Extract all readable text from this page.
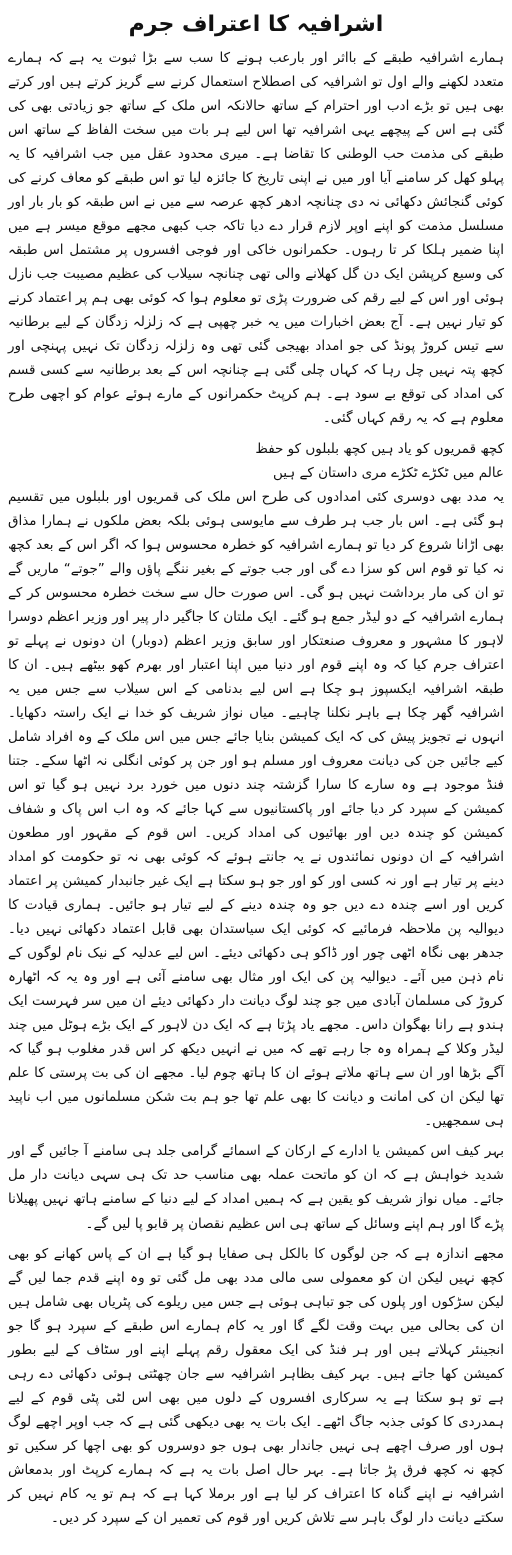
اشرافیہ کا اعتراف جرم

ہمارے اشرافیہ طبقے کے بااثر اور بارعب ہونے کا سب سے بڑا ثبوت یہ ہے کہ ہمارے متعدد لکھنے والے اول تو اشرافیہ کی اصطلاح استعمال کرنے سے گریز کرتے ہیں اور کرتے بھی ہیں تو بڑے ادب اور احترام کے ساتھ حالانکہ اس ملک کے ساتھ جو زیادتی بھی کی گئی ہے اس کے پیچھے یہی اشرافیہ تھا اس لیے ہر بات میں سخت الفاظ کے ساتھ اس طبقے کی مذمت حب الوطنی کا تقاضا ہے۔ میری محدود عقل میں جب اشرافیہ کا یہ پہلو کھل کر سامنے آیا اور میں نے اپنی تاریخ کا جائزہ لیا تو اس طبقے کو معاف کرنے کی کوئی گنجائش دکھائی نہ دی چنانچہ ادھر کچھ عرصہ سے میں نے اس طبقہ کو بار بار اور مسلسل مذمت کو اپنے اوپر لازم قرار دے دیا تاکہ جب کبھی مجھے موقع میسر ہے میں اپنا ضمیر ہلکا کر تا رہوں۔ حکمرانوں خاکی اور فوجی افسروں پر مشتمل اس طبقہ کی وسیع کرپشن ایک دن گل کھلانے والی تھی چنانچہ سیلاب کی عظیم مصیبت جب نازل ہوئی اور اس کے لیے رقم کی ضرورت پڑی تو معلوم ہوا کہ کوئی بھی ہم پر اعتماد کرنے کو تیار نہیں ہے۔ آج بعض اخبارات میں یہ خبر چھپی ہے کہ زلزلہ زدگان کے لیے برطانیہ سے تیس کروڑ پونڈ کی جو امداد بھیجی گئی تھی وہ زلزلہ زدگان تک نہیں پہنچی اور کچھ پتہ نہیں چل رہا کہ کہاں چلی گئی ہے چنانچہ اس کے بعد برطانیہ سے کسی قسم کی امداد کی توقع بے سود ہے۔ ہم کرپٹ حکمرانوں کے مارے ہوئے عوام کو اچھی طرح معلوم ہے کہ یہ رقم کہاں گئی۔

کچھ قمریوں کو یاد ہیں کچھ بلبلوں کو حفظ
عالم میں ٹکڑے ٹکڑے مری داستان کے ہیں

یہ مدد بھی دوسری کئی امدادوں کی طرح اس ملک کی قمریوں اور بلبلوں میں تقسیم ہو گئی ہے۔ اس بار جب ہر طرف سے مایوسی ہوئی بلکہ بعض ملکوں نے ہمارا مذاق بھی اڑانا شروع کر دیا تو ہمارے اشرافیہ کو خطرہ محسوس ہوا کہ اگر اس کے بعد کچھ نہ کیا تو قوم اس کو سزا دے گی اور جب جوتے کے بغیر ننگے پاؤں والے ”جوتے“ ماریں گے تو ان کی مار برداشت نہیں ہو گی۔ اس صورت حال سے سخت خطرہ محسوس کر کے ہمارے اشرافیہ کے دو لیڈر جمع ہو گئے۔ ایک ملتان کا جاگیر دار پیر اور وزیر اعظم دوسرا لاہور کا مشہور و معروف صنعتکار اور سابق وزیر اعظم (دوبار) ان دونوں نے پہلے تو اعتراف جرم کیا کہ وہ اپنے قوم اور دنیا میں اپنا اعتبار اور بھرم کھو بیٹھے ہیں۔ ان کا طبقہ اشرافیہ ایکسپوز ہو چکا ہے اس لیے بدنامی کے اس سیلاب سے جس میں یہ اشرافیہ گھر چکا ہے باہر نکلنا چاہیے۔ میاں نواز شریف کو خدا نے ایک راستہ دکھایا۔ انہوں نے تجویز پیش کی کہ ایک کمیشن بنایا جائے جس میں اس ملک کے وہ افراد شامل کیے جائیں جن کی دیانت معروف اور مسلم ہو اور جن پر کوئی انگلی نہ اٹھا سکے۔ جتنا فنڈ موجود ہے وہ سارے کا سارا گزشتہ چند دنوں میں خورد برد نہیں ہو گیا تو اس کمیشن کے سپرد کر دیا جائے اور پاکستانیوں سے کہا جائے کہ وہ اب اس پاک و شفاف کمیشن کو چندہ دیں اور بھائیوں کی امداد کریں۔ اس قوم کے مقہور اور مطعون اشرافیہ کے ان دونوں نمائندوں نے یہ جانتے ہوئے کہ کوئی بھی نہ تو حکومت کو امداد دینے پر تیار ہے اور نہ کسی اور کو اور جو ہو سکتا ہے ایک غیر جانبدار کمیشن پر اعتماد کریں اور اسے چندہ دے دیں جو وہ چندہ دینے کے لیے تیار ہو جائیں۔ ہماری قیادت کا دیوالیہ پن ملاحظہ فرمائیے کہ کوئی ایک سیاستدان بھی قابل اعتماد دکھائی نہیں دیا۔ جدھر بھی نگاہ اٹھی چور اور ڈاکو ہی دکھائی دیئے۔ اس لیے عدلیہ کے نیک نام لوگوں کے نام ذہن میں آئے۔ دیوالیہ پن کی ایک اور مثال بھی سامنے آئی ہے اور وہ یہ کہ اٹھارہ کروڑ کی مسلمان آبادی میں جو چند لوگ دیانت دار دکھائی دیئے ان میں سر فہرست ایک ہندو ہے رانا بھگوان داس۔ مجھے یاد پڑتا ہے کہ ایک دن لاہور کے ایک بڑے ہوٹل میں چند لیڈر وکلا کے ہمراہ وہ جا رہے تھے کہ میں نے انہیں دیکھ کر اس قدر مغلوب ہو گیا کہ آگے بڑھا اور ان سے ہاتھ ملاتے ہوئے ان کا ہاتھ چوم لیا۔ مجھے ان کی بت پرستی کا علم تھا لیکن ان کی امانت و دیانت کا بھی علم تھا جو ہم بت شکن مسلمانوں میں اب ناپید ہی سمجھیں۔

بہر کیف اس کمیشن یا ادارے کے ارکان کے اسمائے گرامی جلد ہی سامنے آ جائیں گے اور شدید خواہش ہے کہ ان کو ماتحت عملہ بھی مناسب حد تک ہی سہی دیانت دار مل جائے۔ میاں نواز شریف کو یقین ہے کہ ہمیں امداد کے لیے دنیا کے سامنے ہاتھ نہیں پھیلانا پڑے گا اور ہم اپنے وسائل کے ساتھ ہی اس عظیم نقصان پر قابو پا لیں گے۔

مجھے اندازہ ہے کہ جن لوگوں کا بالکل ہی صفایا ہو گیا ہے ان کے پاس کھانے کو بھی کچھ نہیں لیکن ان کو معمولی سی مالی مدد بھی مل گئی تو وہ اپنے قدم جما لیں گے لیکن سڑکوں اور پلوں کی جو تباہی ہوئی ہے جس میں ریلوے کی پٹریاں بھی شامل ہیں ان کی بحالی میں بہت وقت لگے گا اور یہ کام ہمارے اس طبقے کے سپرد ہو گا جو انجینئر کہلاتے ہیں اور ہر فنڈ کی ایک معقول رقم پہلے اپنے اور سٹاف کے لیے بطور کمیشن کھا جاتے ہیں۔ بہر کیف بظاہر اشرافیہ سے جان چھٹتی ہوئی دکھائی دے رہی ہے تو ہو سکتا ہے یہ سرکاری افسروں کے دلوں میں بھی اس لٹی پٹی قوم کے لیے ہمدردی کا کوئی جذبہ جاگ اٹھے۔ ایک بات یہ بھی دیکھی گئی ہے کہ جب اوپر اچھے لوگ ہوں اور صرف اچھے ہی نہیں جاندار بھی ہوں جو دوسروں کو بھی اچھا کر سکیں تو کچھ نہ کچھ فرق پڑ جاتا ہے۔ بہر حال اصل بات یہ ہے کہ ہمارے کرپٹ اور بدمعاش اشرافیہ نے اپنے گناہ کا اعتراف کر لیا ہے اور برملا کہا ہے کہ ہم تو یہ کام نہیں کر سکتے دیانت دار لوگ باہر سے تلاش کریں اور قوم کی تعمیر ان کے سپرد کر دیں۔
